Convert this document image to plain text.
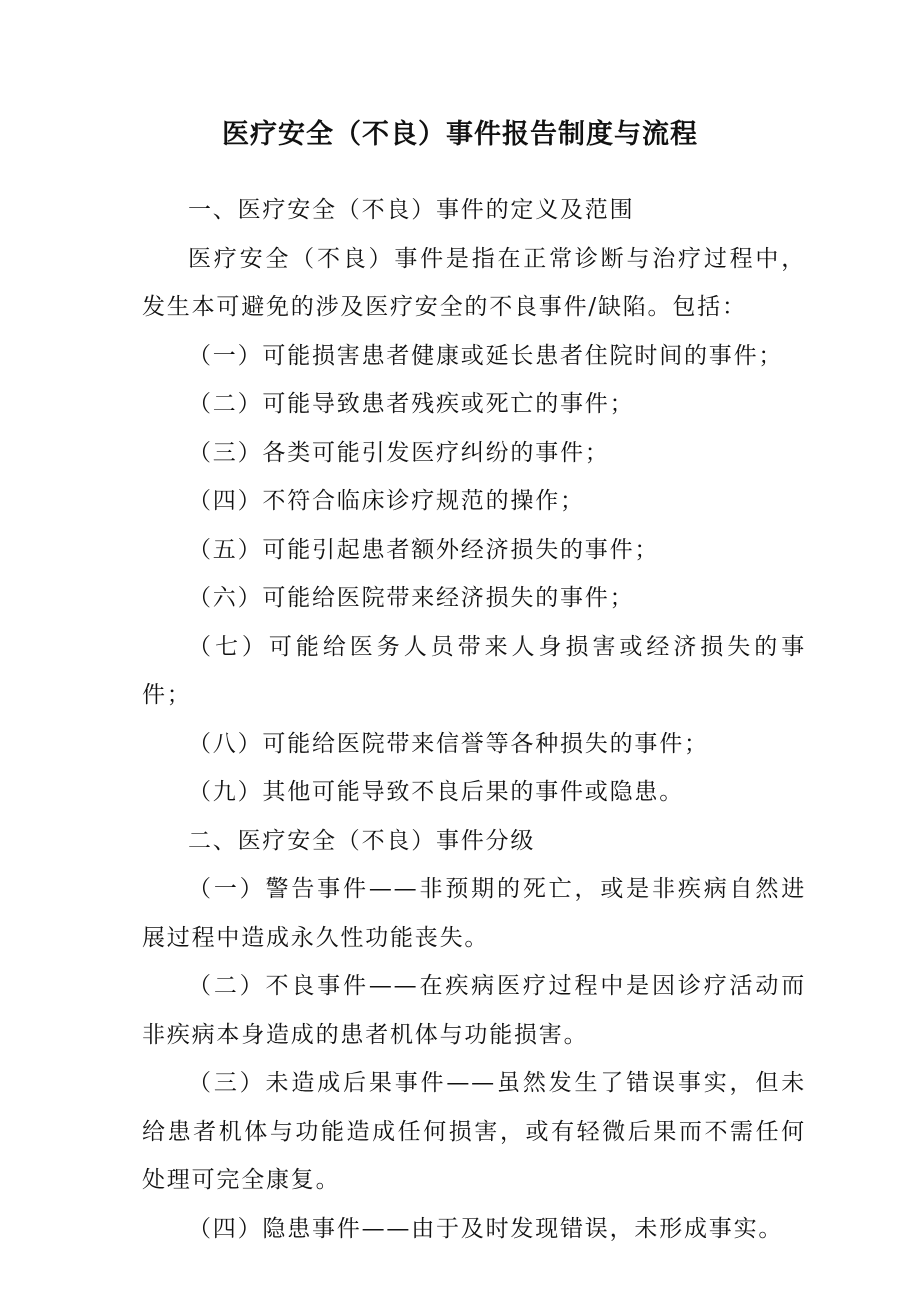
医疗安全（不良）事件报告制度与流程

一、医疗安全（不良）事件的定义及范围

医疗安全（不良）事件是指在正常诊断与治疗过程中，发生本可避免的涉及医疗安全的不良事件/缺陷。包括：

（一）可能损害患者健康或延长患者住院时间的事件；

（二）可能导致患者残疾或死亡的事件；

（三）各类可能引发医疗纠纷的事件；

（四）不符合临床诊疗规范的操作；

（五）可能引起患者额外经济损失的事件；

（六）可能给医院带来经济损失的事件；

（七）可能给医务人员带来人身损害或经济损失的事件；

（八）可能给医院带来信誉等各种损失的事件；

（九）其他可能导致不良后果的事件或隐患。

二、医疗安全（不良）事件分级

（一）警告事件——非预期的死亡，或是非疾病自然进展过程中造成永久性功能丧失。

（二）不良事件——在疾病医疗过程中是因诊疗活动而非疾病本身造成的患者机体与功能损害。

（三）未造成后果事件——虽然发生了错误事实，但未给患者机体与功能造成任何损害，或有轻微后果而不需任何处理可完全康复。

（四）隐患事件——由于及时发现错误，未形成事实。
